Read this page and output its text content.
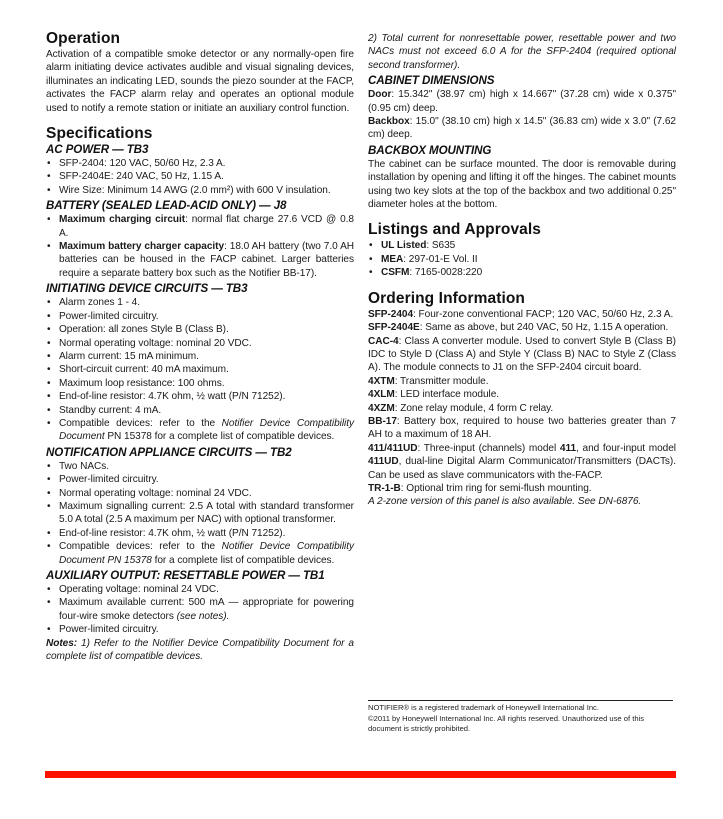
Operation

Activation of a compatible smoke detector or any normally-open fire alarm initiating device activates audible and visual signaling devices, illuminates an indicating LED, sounds the piezo sounder at the FACP, activates the FACP alarm relay and operates an optional module used to notify a remote station or initiate an auxiliary control function.

Specifications
AC POWER — TB3
• SFP-2404: 120 VAC, 50/60 Hz, 2.3 A.
• SFP-2404E: 240 VAC, 50 Hz, 1.15 A.
• Wire Size: Minimum 14 AWG (2.0 mm²) with 600 V insulation.
BATTERY (SEALED LEAD-ACID ONLY) — J8
• Maximum charging circuit: normal flat charge 27.6 VCD @ 0.8 A.
• Maximum battery charger capacity: 18.0 AH battery (two 7.0 AH batteries can be housed in the FACP cabinet. Larger batteries require a separate battery box such as the Notifier BB-17).
INITIATING DEVICE CIRCUITS — TB3
• Alarm zones 1 - 4.
• Power-limited circuitry.
• Operation: all zones Style B (Class B).
• Normal operating voltage: nominal 20 VDC.
• Alarm current: 15 mA minimum.
• Short-circuit current: 40 mA maximum.
• Maximum loop resistance: 100 ohms.
• End-of-line resistor: 4.7K ohm, ½ watt (P/N 71252).
• Standby current: 4 mA.
• Compatible devices: refer to the Notifier Device Compatibility Document PN 15378 for a complete list of compatible devices.
NOTIFICATION APPLIANCE CIRCUITS — TB2
• Two NACs.
• Power-limited circuitry.
• Normal operating voltage: nominal 24 VDC.
• Maximum signalling current: 2.5 A total with standard transformer 5.0 A total (2.5 A maximum per NAC) with optional transformer.
• End-of-line resistor: 4.7K ohm, ½ watt (P/N 71252).
• Compatible devices: refer to the Notifier Device Compatibility Document PN 15378 for a complete list of compatible devices.
AUXILIARY OUTPUT: RESETTABLE POWER — TB1
• Operating voltage: nominal 24 VDC.
• Maximum available current: 500 mA — appropriate for powering four-wire smoke detectors (see notes).
• Power-limited circuitry.

Notes: 1) Refer to the Notifier Device Compatibility Document for a complete list of compatible devices.

2) Total current for nonresettable power, resettable power and two NACs must not exceed 6.0 A for the SFP-2404 (required optional second transformer).

CABINET DIMENSIONS

Door: 15.342" (38.97 cm) high x 14.667" (37.28 cm) wide x 0.375" (0.95 cm) deep.

Backbox: 15.0" (38.10 cm) high x 14.5" (36.83 cm) wide x 3.0" (7.62 cm) deep.

BACKBOX MOUNTING

The cabinet can be surface mounted. The door is removable during installation by opening and lifting it off the hinges. The cabinet mounts using two key slots at the top of the backbox and two additional 0.25" diameter holes at the bottom.

Listings and Approvals
• UL Listed: S635
• MEA: 297-01-E Vol. II
• CSFM: 7165-0028:220
Ordering Information

SFP-2404: Four-zone conventional FACP; 120 VAC, 50/60 Hz, 2.3 A.

SFP-2404E: Same as above, but 240 VAC, 50 Hz, 1.15 A operation.

CAC-4: Class A converter module. Used to convert Style B (Class B) IDC to Style D (Class A) and Style Y (Class B) NAC to Style Z (Class A). The module connects to J1 on the SFP-2404 circuit board.

4XTM: Transmitter module.

4XLM: LED interface module.

4XZM: Zone relay module, 4 form C relay.

BB-17: Battery box, required to house two batteries greater than 7 AH to a maximum of 18 AH.

411/411UD: Three-input (channels) model 411, and four-input model 411UD, dual-line Digital Alarm Communicator/Transmitters (DACTs). Can be used as slave communicators with the-FACP.

TR-1-B: Optional trim ring for semi-flush mounting.

A 2-zone version of this panel is also available. See DN-6876.

NOTIFIER® is a registered trademark of Honeywell International Inc.
©2011 by Honeywell International Inc. All rights reserved. Unauthorized use of this document is strictly prohibited.
